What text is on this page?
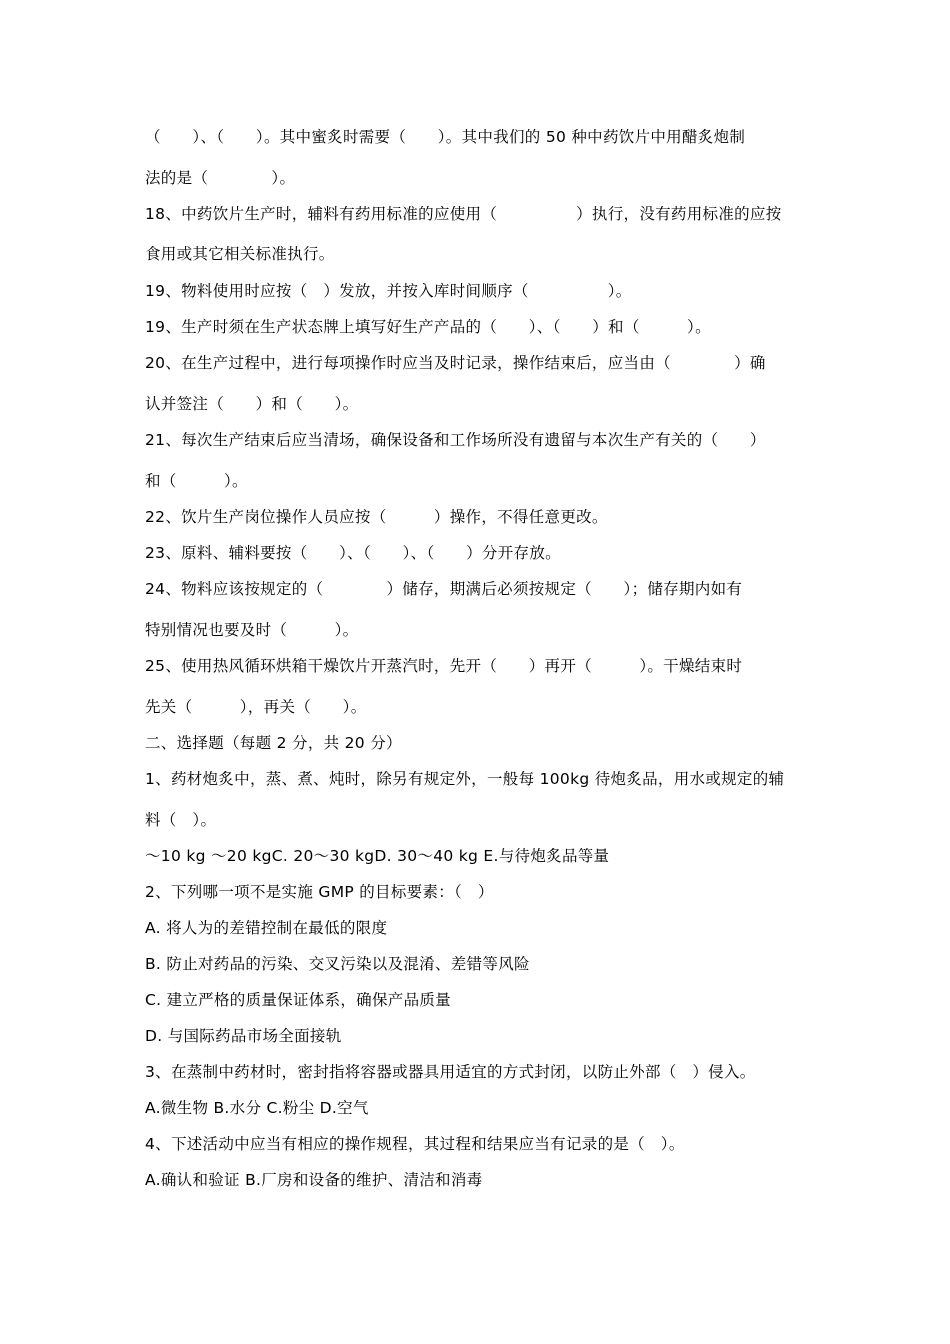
（　　）、（　　）。其中蜜炙时需要（　　）。其中我们的 50 种中药饮片中用醋炙炮制
法的是（　　　　）。
18、中药饮片生产时，辅料有药用标准的应使用（　　　　　）执行，没有药用标准的应按
食用或其它相关标准执行。
19、物料使用时应按（　）发放，并按入库时间顺序（　　　　　）。
19、生产时须在生产状态牌上填写好生产产品的（　　）、（　　）和（　　　）。
20、在生产过程中，进行每项操作时应当及时记录，操作结束后，应当由（　　　　）确
认并签注（　　）和（　　）。
21、每次生产结束后应当清场，确保设备和工作场所没有遗留与本次生产有关的（　　）
和（　　　）。
22、饮片生产岗位操作人员应按（　　　）操作，不得任意更改。
23、原料、辅料要按（　　）、（　　）、（　　）分开存放。
24、物料应该按规定的（　　　　）储存，期满后必须按规定（　　）；储存期内如有
特别情况也要及时（　　　）。
25、使用热风循环烘箱干燥饮片开蒸汽时，先开（　　）再开（　　　）。干燥结束时
先关（　　　），再关（　　）。
二、选择题（每题 2 分，共 20 分）
1、药材炮炙中，蒸、煮、炖时，除另有规定外，一般每 100kg 待炮炙品，用水或规定的辅
料（　）。
～10 kg ～20 kgC. 20～30 kgD. 30～40 kg E.与待炮炙品等量
2、下列哪一项不是实施 GMP 的目标要素：（　）
A. 将人为的差错控制在最低的限度
B. 防止对药品的污染、交叉污染以及混淆、差错等风险
C. 建立严格的质量保证体系，确保产品质量
D. 与国际药品市场全面接轨
3、在蒸制中药材时，密封指将容器或器具用适宜的方式封闭，以防止外部（　）侵入。
A.微生物 B.水分 C.粉尘 D.空气
4、下述活动中应当有相应的操作规程，其过程和结果应当有记录的是（　）。
A.确认和验证 B.厂房和设备的维护、清洁和消毒
